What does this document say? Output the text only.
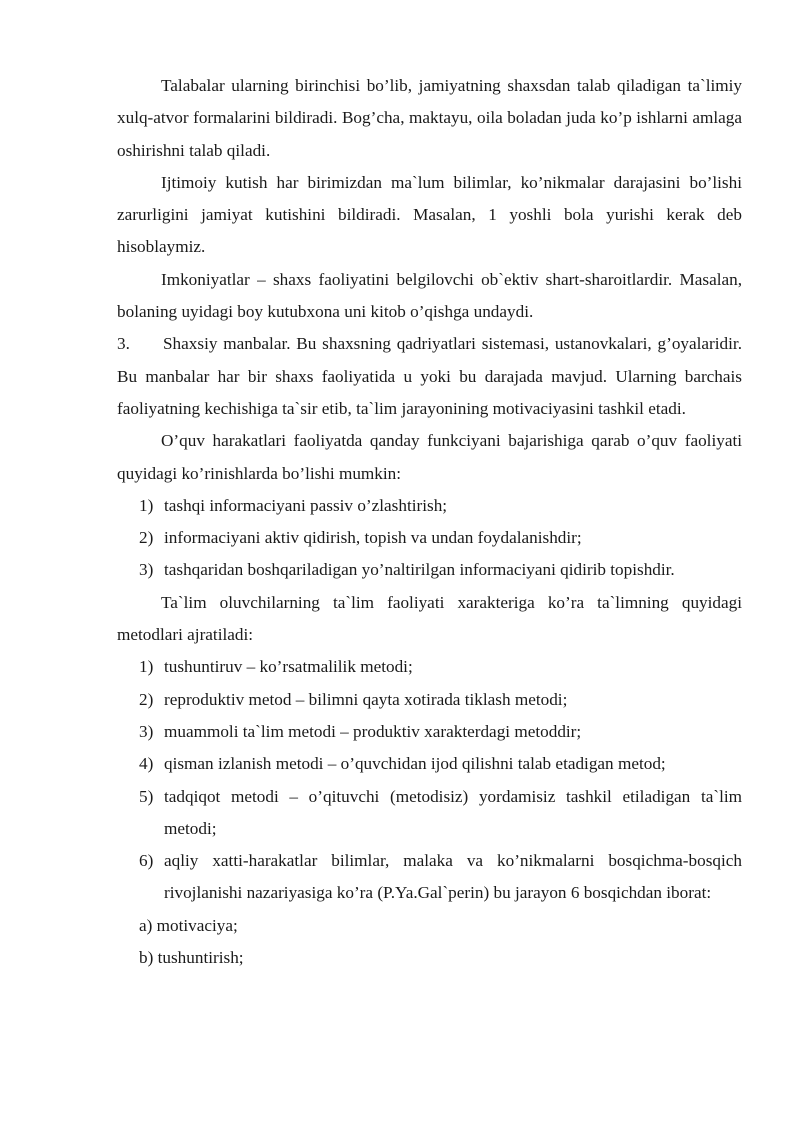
Talabalar ularning birinchisi bo’lib, jamiyatning shaxsdan talab qiladigan ta`limiy xulq-atvor formalarini bildiradi. Bog’cha, maktayu, oila boladan juda ko’p ishlarni amlaga oshirishni talab qiladi.

Ijtimoiy kutish har birimizdan ma`lum bilimlar, ko’nikmalar darajasini bo’lishi zarurligini jamiyat kutishini bildiradi. Masalan, 1 yoshli bola yurishi kerak deb hisoblaymiz.

Imkoniyatlar – shaxs faoliyatini belgilovchi ob`ektiv shart-sharoitlardir. Masalan, bolaning uyidagi boy kutubxona uni kitob o’qishga undaydi.

3. Shaxsiy manbalar. Bu shaxsning qadriyatlari sistemasi, ustanovkalari, g’oyalaridir. Bu manbalar har bir shaxs faoliyatida u yoki bu darajada mavjud. Ularning barchais faoliyatning kechishiga ta`sir etib, ta`lim jarayonining motivaciyasini tashkil etadi.

O’quv harakatlari faoliyatda qanday funkciyani bajarishiga qarab o’quv faoliyati quyidagi ko’rinishlarda bo’lishi mumkin:

1) tashqi informaciyani passiv o’zlashtirish;
2) informaciyani aktiv qidirish, topish va undan foydalanishdir;
3) tashqaridan boshqariladigan yo’naltirilgan informaciyani qidirib topishdir.

Ta`lim oluvchilarning ta`lim faoliyati xarakteriga ko’ra ta`limning quyidagi metodlari ajratiladi:

1) tushuntiruv – ko’rsatmalilik metodi;
2) reproduktiv metod – bilimni qayta xotirada tiklash metodi;
3) muammoli ta`lim metodi – produktiv xarakterdagi metoddir;
4) qisman izlanish metodi – o’quvchidan ijod qilishni talab etadigan metod;
5) tadqiqot metodi – o’qituvchi (metodisiz) yordamisiz tashkil etiladigan ta`lim metodi;
6) aqliy xatti-harakatlar bilimlar, malaka va ko’nikmalarni bosqichma-bosqich rivojlanishi nazariyasiga ko’ra (P.Ya.Gal`perin) bu jarayon 6 bosqichdan iborat:

a) motivaciya;

b) tushuntirish;
